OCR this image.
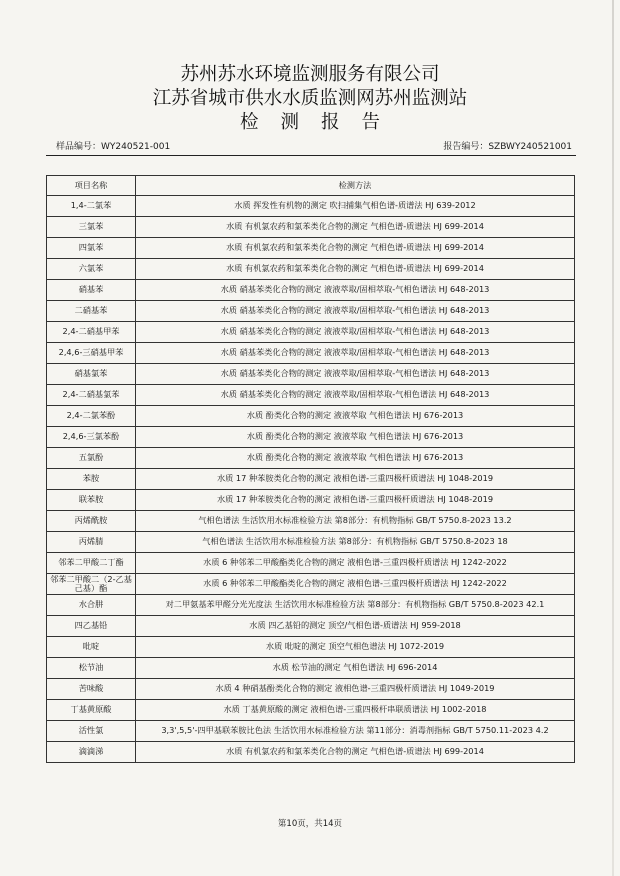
苏州苏水环境监测服务有限公司
江苏省城市供水水质监测网苏州监测站
检测报告
样品编号：WY240521-001	报告编号：SZBWY240521001
项目名称	检测方法
1,4-二氯苯	水质 挥发性有机物的测定 吹扫捕集气相色谱-质谱法 HJ 639-2012
三氯苯	水质 有机氯农药和氯苯类化合物的测定 气相色谱-质谱法 HJ 699-2014
四氯苯	水质 有机氯农药和氯苯类化合物的测定 气相色谱-质谱法 HJ 699-2014
六氯苯	水质 有机氯农药和氯苯类化合物的测定 气相色谱-质谱法 HJ 699-2014
硝基苯	水质 硝基苯类化合物的测定 液液萃取/固相萃取-气相色谱法 HJ 648-2013
二硝基苯	水质 硝基苯类化合物的测定 液液萃取/固相萃取-气相色谱法 HJ 648-2013
2,4-二硝基甲苯	水质 硝基苯类化合物的测定 液液萃取/固相萃取-气相色谱法 HJ 648-2013
2,4,6-三硝基甲苯	水质 硝基苯类化合物的测定 液液萃取/固相萃取-气相色谱法 HJ 648-2013
硝基氯苯	水质 硝基苯类化合物的测定 液液萃取/固相萃取-气相色谱法 HJ 648-2013
2,4-二硝基氯苯	水质 硝基苯类化合物的测定 液液萃取/固相萃取-气相色谱法 HJ 648-2013
2,4-二氯苯酚	水质 酚类化合物的测定 液液萃取 气相色谱法 HJ 676-2013
2,4,6-三氯苯酚	水质 酚类化合物的测定 液液萃取 气相色谱法 HJ 676-2013
五氯酚	水质 酚类化合物的测定 液液萃取 气相色谱法 HJ 676-2013
苯胺	水质 17 种苯胺类化合物的测定 液相色谱-三重四极杆质谱法 HJ 1048-2019
联苯胺	水质 17 种苯胺类化合物的测定 液相色谱-三重四极杆质谱法 HJ 1048-2019
丙烯酰胺	气相色谱法 生活饮用水标准检验方法 第8部分：有机物指标 GB/T 5750.8-2023 13.2
丙烯腈	气相色谱法 生活饮用水标准检验方法 第8部分：有机物指标 GB/T 5750.8-2023 18
邻苯二甲酸二丁酯	水质 6 种邻苯二甲酸酯类化合物的测定 液相色谱-三重四极杆质谱法 HJ 1242-2022
邻苯二甲酸二（2-乙基己基）酯	水质 6 种邻苯二甲酸酯类化合物的测定 液相色谱-三重四极杆质谱法 HJ 1242-2022
水合肼	对二甲氨基苯甲醛分光光度法 生活饮用水标准检验方法 第8部分：有机物指标 GB/T 5750.8-2023 42.1
四乙基铅	水质 四乙基铅的测定 顶空/气相色谱-质谱法 HJ 959-2018
吡啶	水质 吡啶的测定 顶空气相色谱法 HJ 1072-2019
松节油	水质 松节油的测定 气相色谱法 HJ 696-2014
苦味酸	水质 4 种硝基酚类化合物的测定 液相色谱-三重四极杆质谱法 HJ 1049-2019
丁基黄原酸	水质 丁基黄原酸的测定 液相色谱-三重四极杆串联质谱法 HJ 1002-2018
活性氯	3,3',5,5'-四甲基联苯胺比色法 生活饮用水标准检验方法 第11部分：消毒剂指标 GB/T 5750.11-2023 4.2
滴滴涕	水质 有机氯农药和氯苯类化合物的测定 气相色谱-质谱法 HJ 699-2014
第10页，共14页
